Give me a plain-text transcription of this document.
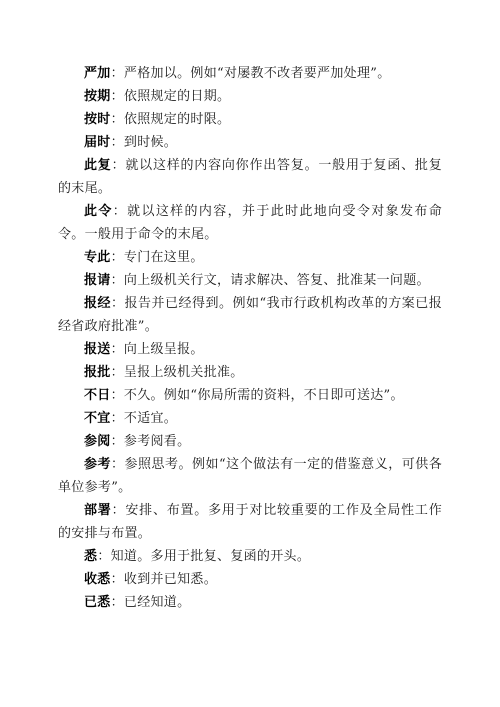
严加：严格加以。例如“对屡教不改者要严加处理”。

按期：依照规定的日期。

按时：依照规定的时限。

届时：到时候。

此复：就以这样的内容向你作出答复。一般用于复函、批复的末尾。

此令：就以这样的内容，并于此时此地向受令对象发布命令。一般用于命令的末尾。

专此：专门在这里。

报请：向上级机关行文，请求解决、答复、批准某一问题。

报经：报告并已经得到。例如“我市行政机构改革的方案已报经省政府批准”。

报送：向上级呈报。

报批：呈报上级机关批准。

不日：不久。例如“你局所需的资料，不日即可送达”。

不宜：不适宜。

参阅：参考阅看。

参考：参照思考。例如“这个做法有一定的借鉴意义，可供各单位参考”。

部署：安排、布置。多用于对比较重要的工作及全局性工作的安排与布置。

悉：知道。多用于批复、复函的开头。

收悉：收到并已知悉。

已悉：已经知道。
